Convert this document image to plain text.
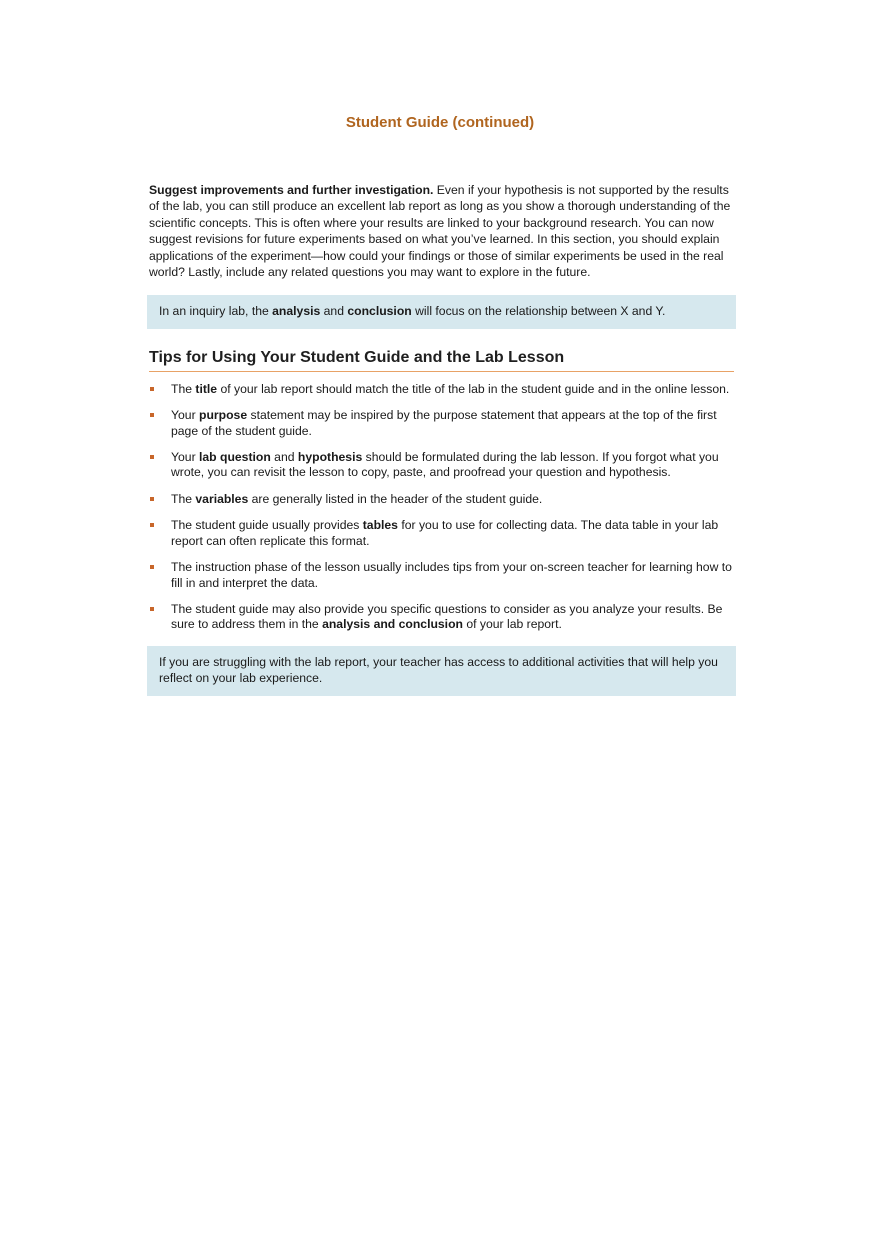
Student Guide (continued)

Suggest improvements and further investigation. Even if your hypothesis is not supported by the results of the lab, you can still produce an excellent lab report as long as you show a thorough understanding of the scientific concepts. This is often where your results are linked to your background research. You can now suggest revisions for future experiments based on what you’ve learned. In this section, you should explain applications of the experiment—how could your findings or those of similar experiments be used in the real world? Lastly, include any related questions you may want to explore in the future.

In an inquiry lab, the analysis and conclusion will focus on the relationship between X and Y.
Tips for Using Your Student Guide and the Lab Lesson
The title of your lab report should match the title of the lab in the student guide and in the online lesson.
Your purpose statement may be inspired by the purpose statement that appears at the top of the first page of the student guide.
Your lab question and hypothesis should be formulated during the lab lesson. If you forgot what you wrote, you can revisit the lesson to copy, paste, and proofread your question and hypothesis.
The variables are generally listed in the header of the student guide.
The student guide usually provides tables for you to use for collecting data. The data table in your lab report can often replicate this format.
The instruction phase of the lesson usually includes tips from your on-screen teacher for learning how to fill in and interpret the data.
The student guide may also provide you specific questions to consider as you analyze your results. Be sure to address them in the analysis and conclusion of your lab report.
If you are struggling with the lab report, your teacher has access to additional activities that will help you reflect on your lab experience.
